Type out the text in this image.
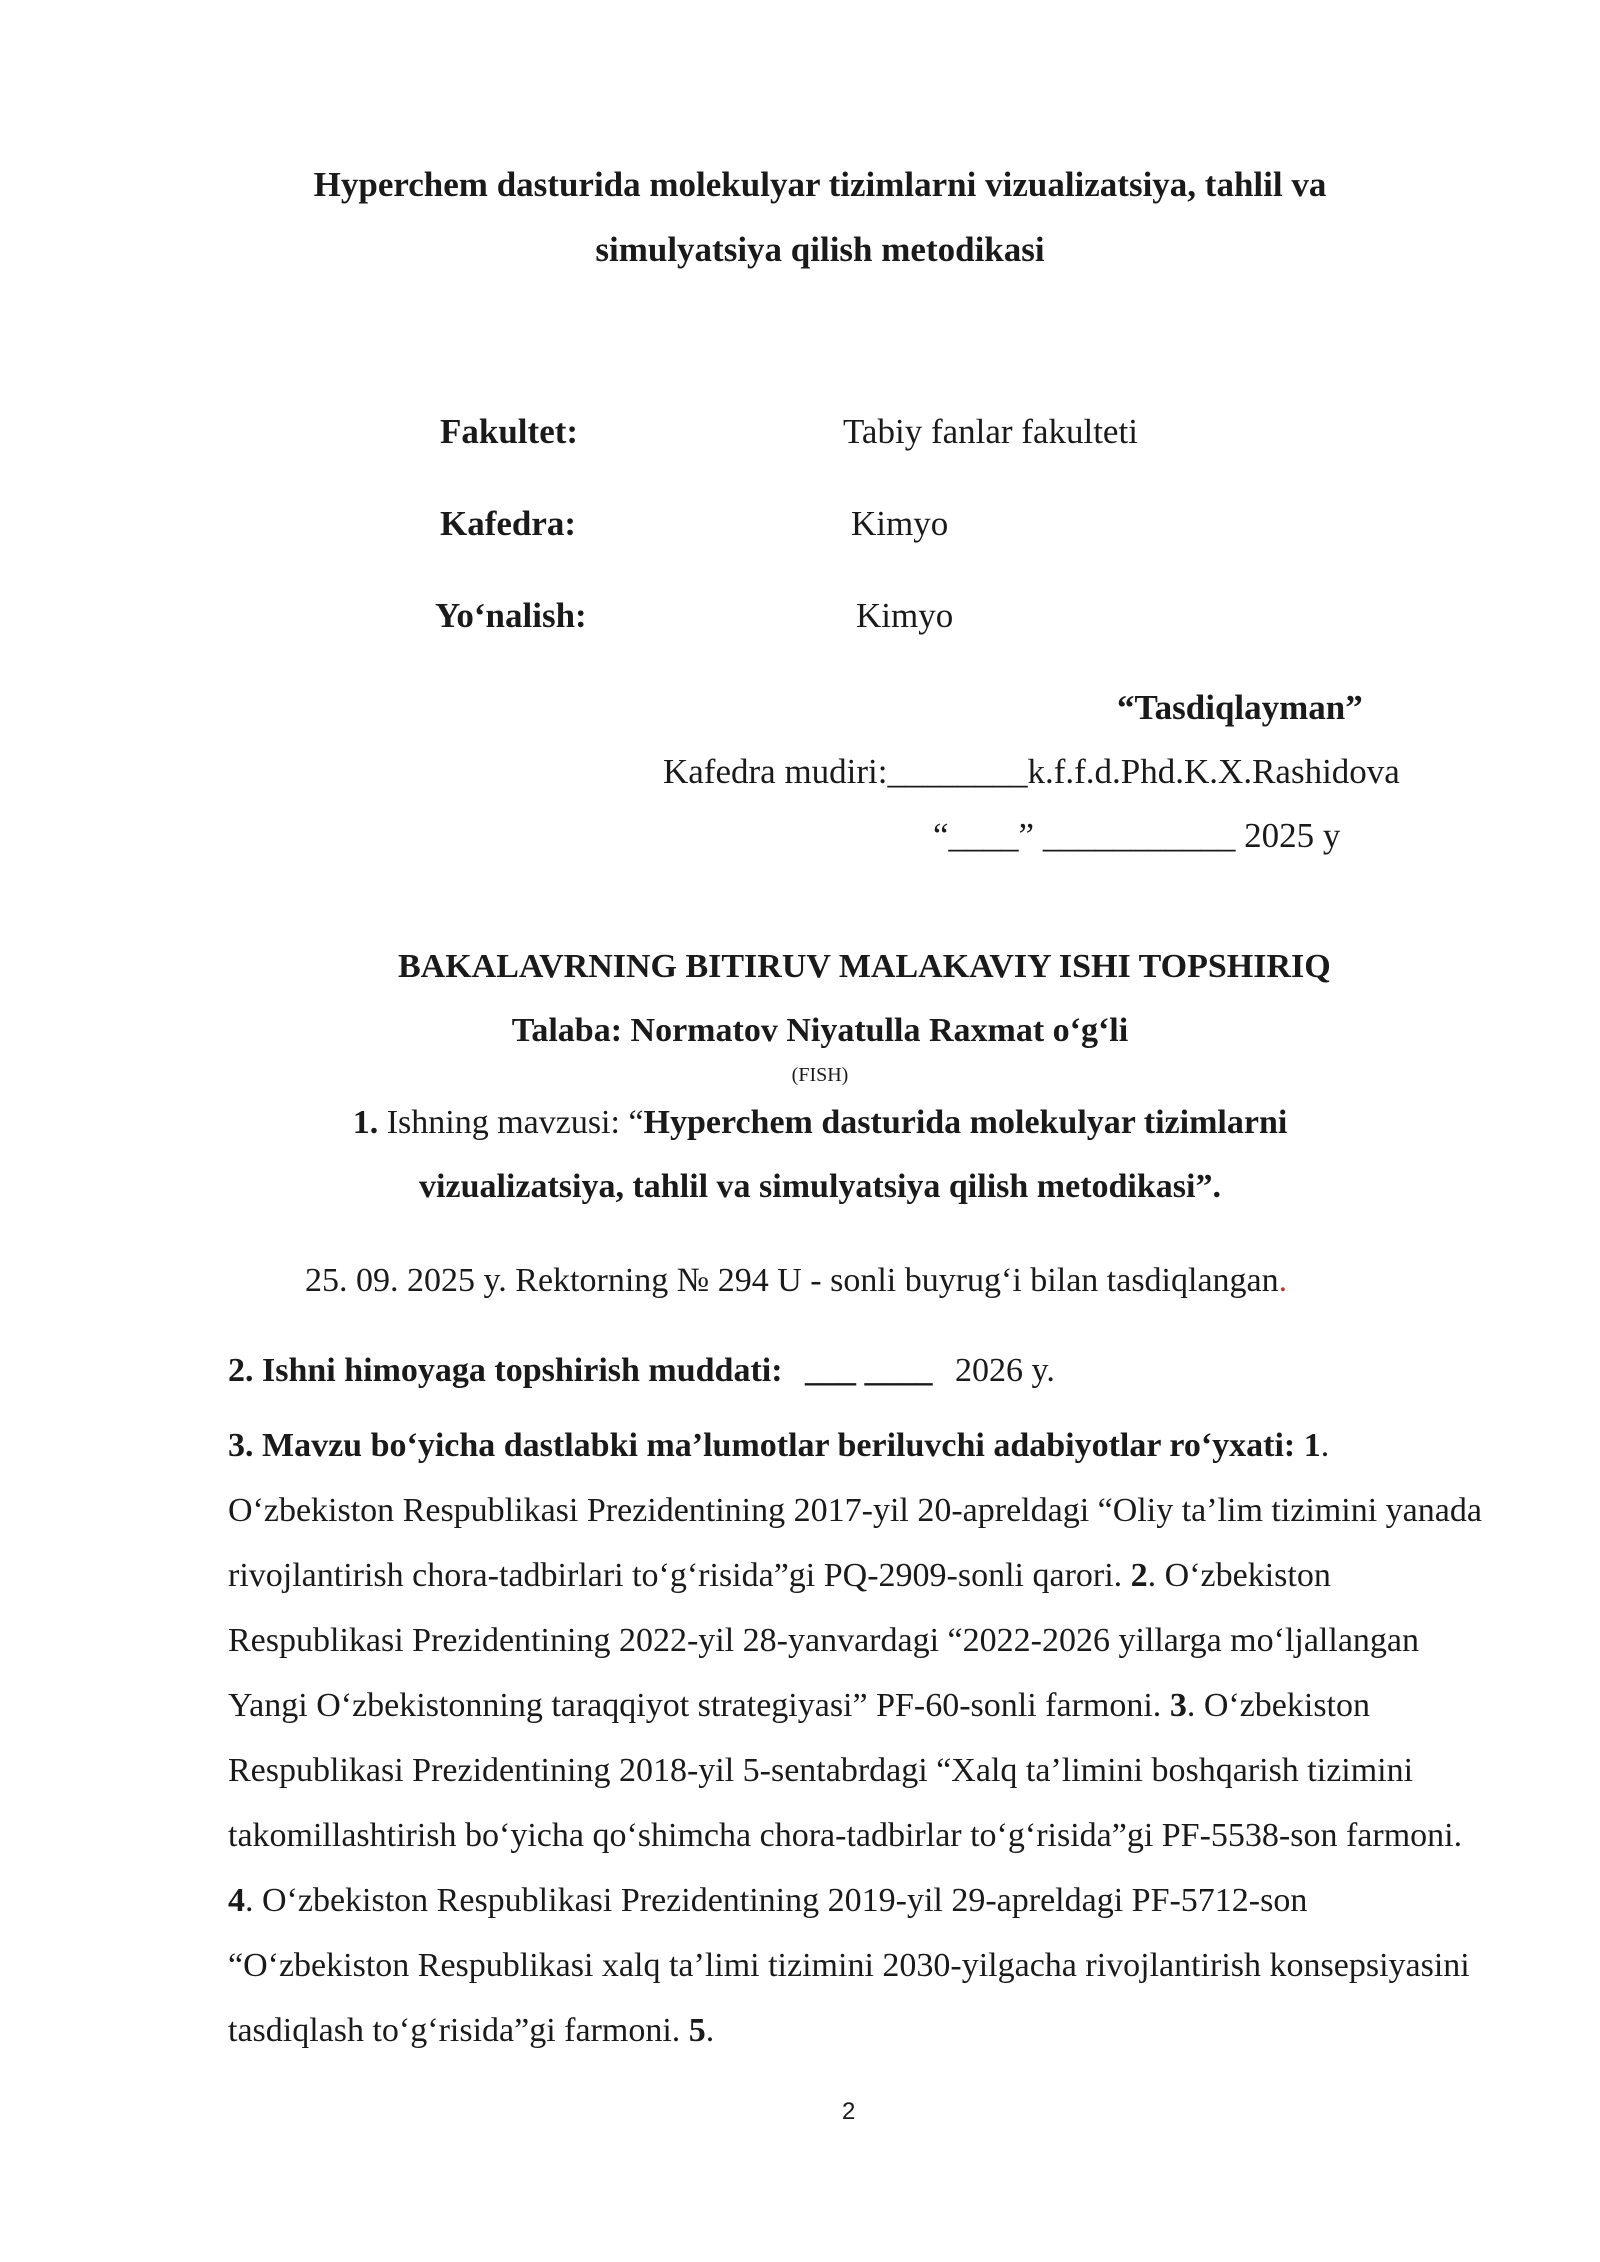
Hyperchem dasturida molekulyar tizimlarni vizualizatsiya, tahlil va
simulyatsiya qilish metodikasi
Fakultet:	Tabiy fanlar fakulteti
Kafedra:	Kimyo
Yo‘nalish:	Kimyo
“Tasdiqlayman”
Kafedra mudiri:________k.f.f.d.Phd.K.X.Rashidova
“____” ___________ 2025 y
BAKALAVRNING BITIRUV MALAKAVIY ISHI TOPSHIRIQ
Talaba: Normatov Niyatulla Raxmat o‘g‘li
(FISH)
1. Ishning mavzusi: “Hyperchem dasturida molekulyar tizimlarni
vizualizatsiya, tahlil va simulyatsiya qilish metodikasi”.
25. 09. 2025 y. Rektorning № 294 U - sonli buyrug‘i bilan tasdiqlangan.
2. Ishni himoyaga topshirish muddati: ___ ____ 2026 y.
3. Mavzu bo‘yicha dastlabki ma’lumotlar beriluvchi adabiyotlar ro‘yxati: 1. O‘zbekiston Respublikasi Prezidentining 2017-yil 20-apreldagi “Oliy ta’lim tizimini yanada rivojlantirish chora-tadbirlari to‘g‘risida”gi PQ-2909-sonli qarori. 2. O‘zbekiston Respublikasi Prezidentining 2022-yil 28-yanvardagi “2022-2026 yillarga mo‘ljallangan Yangi O‘zbekistonning taraqqiyot strategiyasi” PF-60-sonli farmoni. 3. O‘zbekiston Respublikasi Prezidentining 2018-yil 5-sentabrdagi “Xalq ta’limini boshqarish tizimini takomillashtirish bo‘yicha qo‘shimcha chora-tadbirlar to‘g‘risida”gi PF-5538-son farmoni. 4. O‘zbekiston Respublikasi Prezidentining 2019-yil 29-apreldagi PF-5712-son “O‘zbekiston Respublikasi xalq ta’limi tizimini 2030-yilgacha rivojlantirish konsepsiyasini tasdiqlash to‘g‘risida”gi farmoni. 5.
2
